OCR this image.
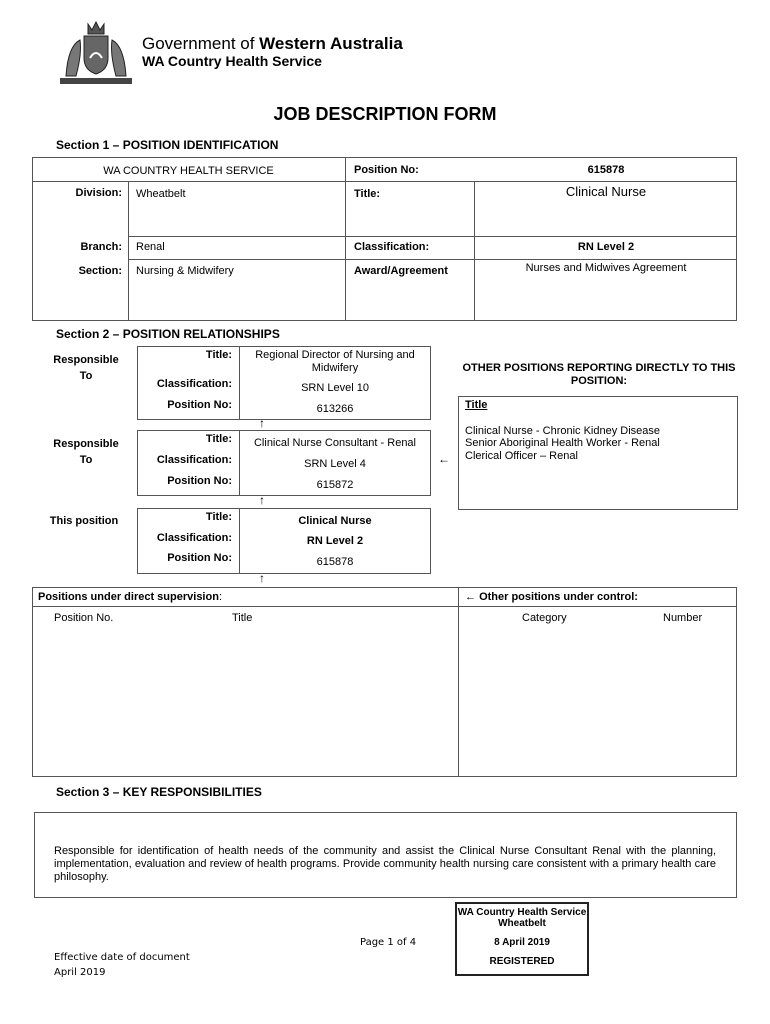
Government of Western Australia
WA Country Health Service
JOB DESCRIPTION FORM
Section 1 – POSITION IDENTIFICATION
WA COUNTRY HEALTH SERVICE	Position No:	615878
Division: Wheatbelt	Title:	Clinical Nurse
Branch: Renal	Classification:	RN Level 2
Section: Nursing & Midwifery	Award/Agreement	Nurses and Midwives Agreement
Section 2 – POSITION RELATIONSHIPS
Responsible To
Responsible To
This position
Title:	Regional Director of Nursing and Midwifery
Classification:	SRN Level 10
Position No:	613266
↑
Title:	Clinical Nurse Consultant - Renal
Classification:	SRN Level 4
Position No:	615872
←
↑
Title:	Clinical Nurse
Classification:	RN Level 2
Position No:	615878
↑
OTHER POSITIONS REPORTING DIRECTLY TO THIS POSITION:
Title
Clinical Nurse - Chronic Kidney Disease
Senior Aboriginal Health Worker - Renal
Clerical Officer – Renal
Positions under direct supervision:	← Other positions under control:
Position No.	Title	Category	Number
Section 3 – KEY RESPONSIBILITIES
Responsible for identification of health needs of the community and assist the Clinical Nurse Consultant Renal with the planning, implementation, evaluation and review of health programs. Provide community health nursing care consistent with a primary health care philosophy.
Page 1 of 4
Effective date of document
April 2019
WA Country Health Service
Wheatbelt
8 April 2019
REGISTERED
